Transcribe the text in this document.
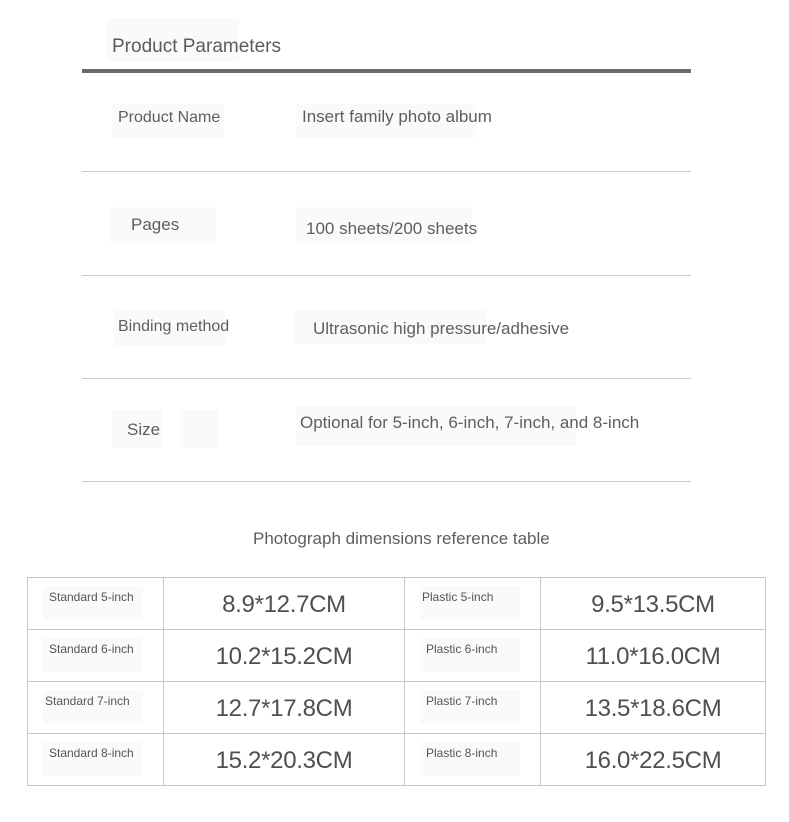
Product Parameters
Product Name	Insert family photo album
Pages	100 sheets/200 sheets
Binding method	Ultrasonic high pressure/adhesive
Size	Optional for 5-inch, 6-inch, 7-inch, and 8-inch
Photograph dimensions reference table
Standard 5-inch	8.9*12.7CM	Plastic 5-inch	9.5*13.5CM

Standard 6-inch	10.2*15.2CM	Plastic 6-inch	11.0*16.0CM

Standard 7-inch	12.7*17.8CM	Plastic 7-inch	13.5*18.6CM

Standard 8-inch	15.2*20.3CM	Plastic 8-inch	16.0*22.5CM
